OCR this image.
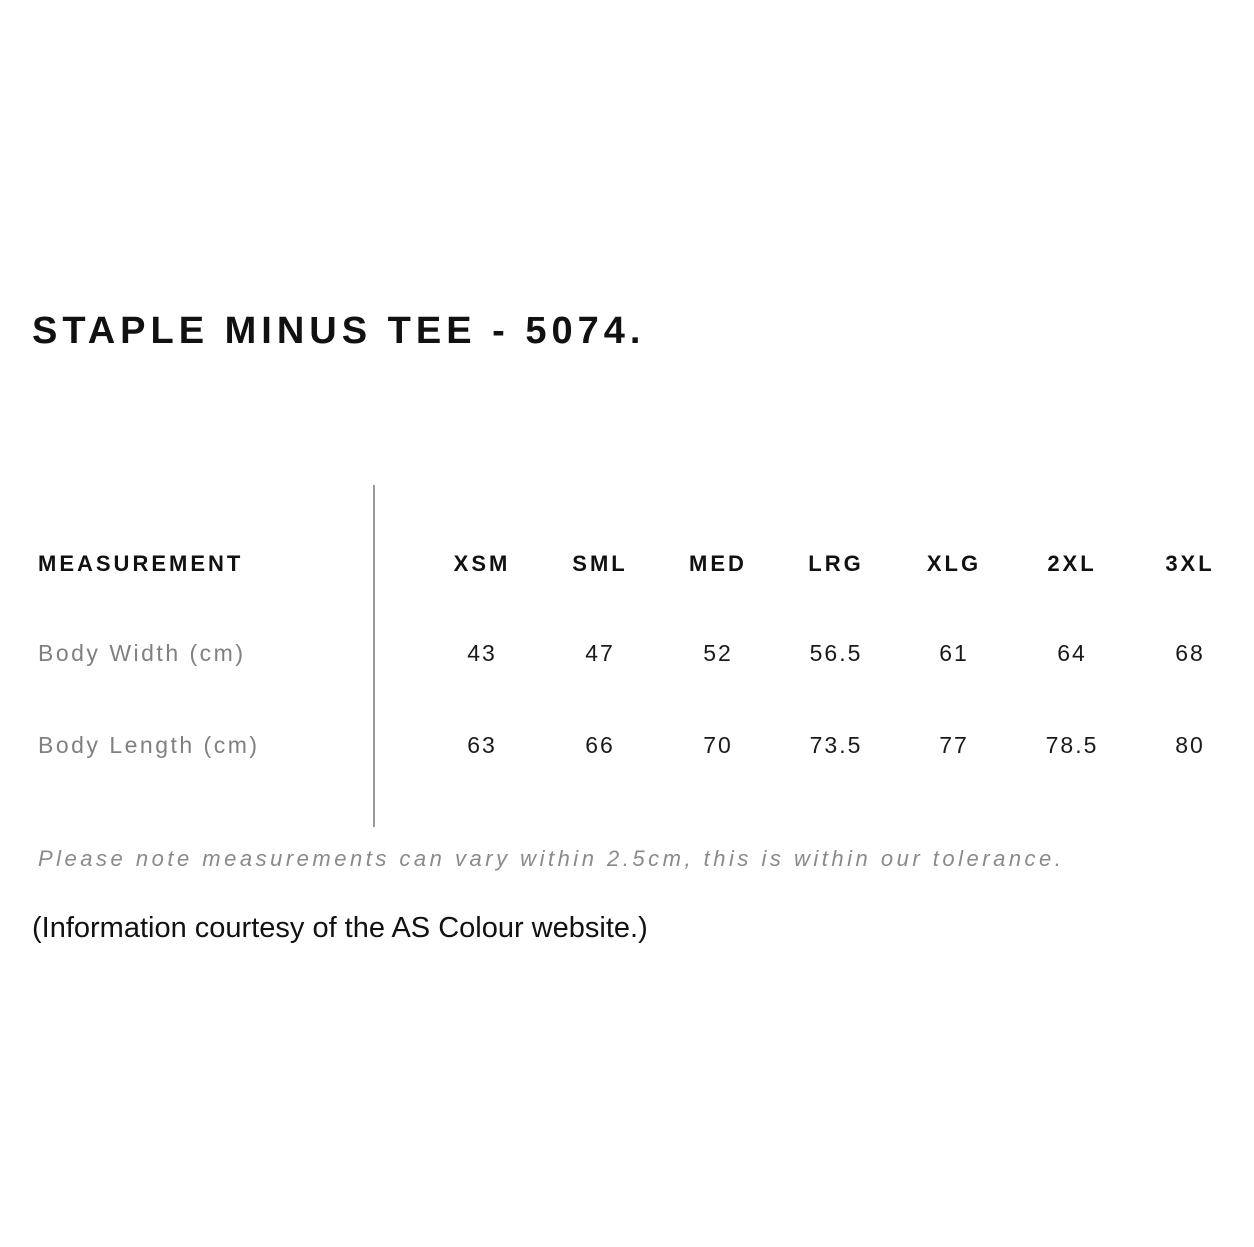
STAPLE MINUS TEE - 5074.
MEASUREMENT	XSM	SML	MED	LRG	XLG	2XL	3XL
Body Width (cm)	43	47	52	56.5	61	64	68
Body Length (cm)	63	66	70	73.5	77	78.5	80
Please note measurements can vary within 2.5cm, this is within our tolerance.
(Information courtesy of the AS Colour website.)
